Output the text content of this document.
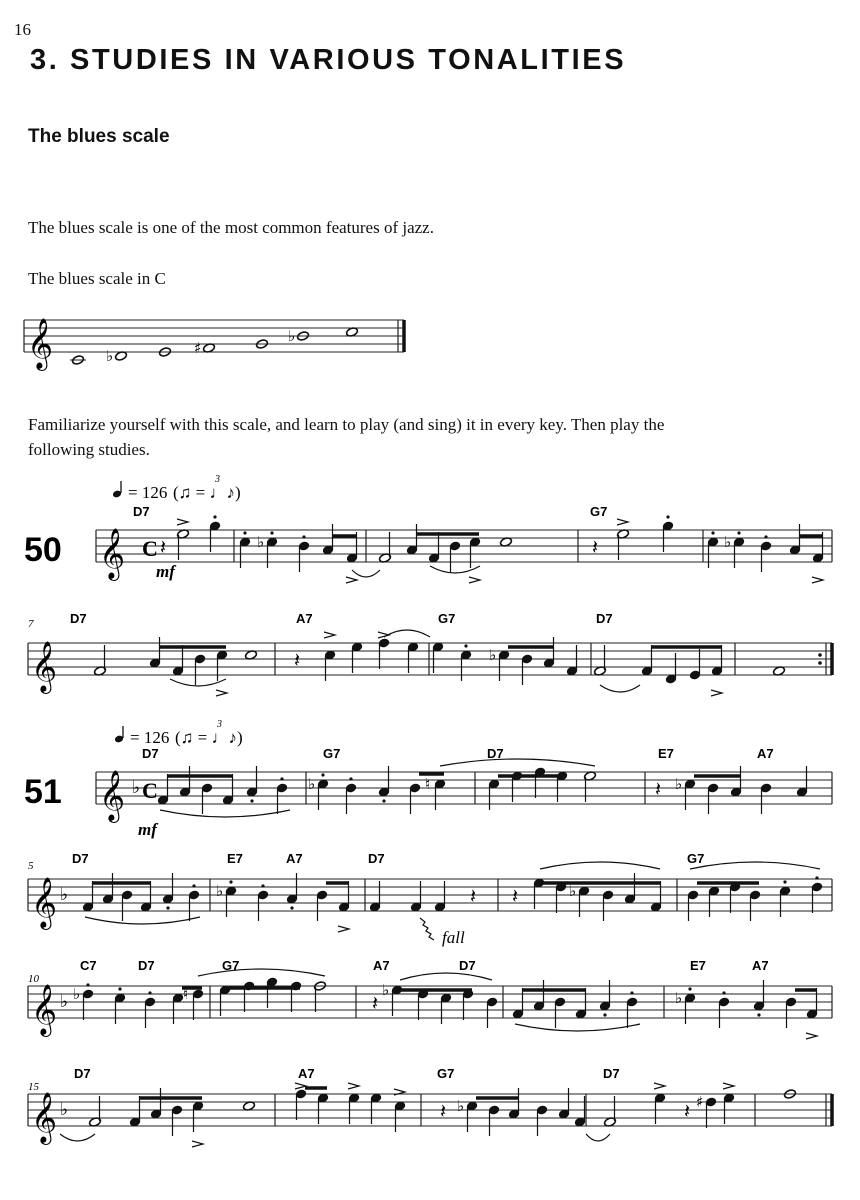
16
3. STUDIES IN VARIOUS TONALITIES
The blues scale

The blues scale is one of the most common features of jazz.

The blues scale in C

Familiarize yourself with this scale, and learn to play (and sing) it in every key. Then play the following studies.

= 126 (♫ = ♩♪)
3
= 126 (♫ = ♩♪)
3
50
51
mf
mf
fall
𝄞
𝄞 C
𝄞
𝄞 ♭ C
𝄞 ♭
𝄞 ♭
𝄞 ♭
♭	♯
♭
𝄽	♭	𝄽	♭
𝄽	♭
♭	♮	𝄽 ♭
♭	𝄽 𝄽	♭
♭	♮	𝄽
♭	♭
𝄽 ♭	𝄽 ♯
D7	G7
7	D7	A7	G7	D7
D7	G7	D7	E7	A7
5	D7	E7	A7	D7	G7
10
C7	D7	G7	A7	D7	E7	A7
15
D7	A7	G7	D7
